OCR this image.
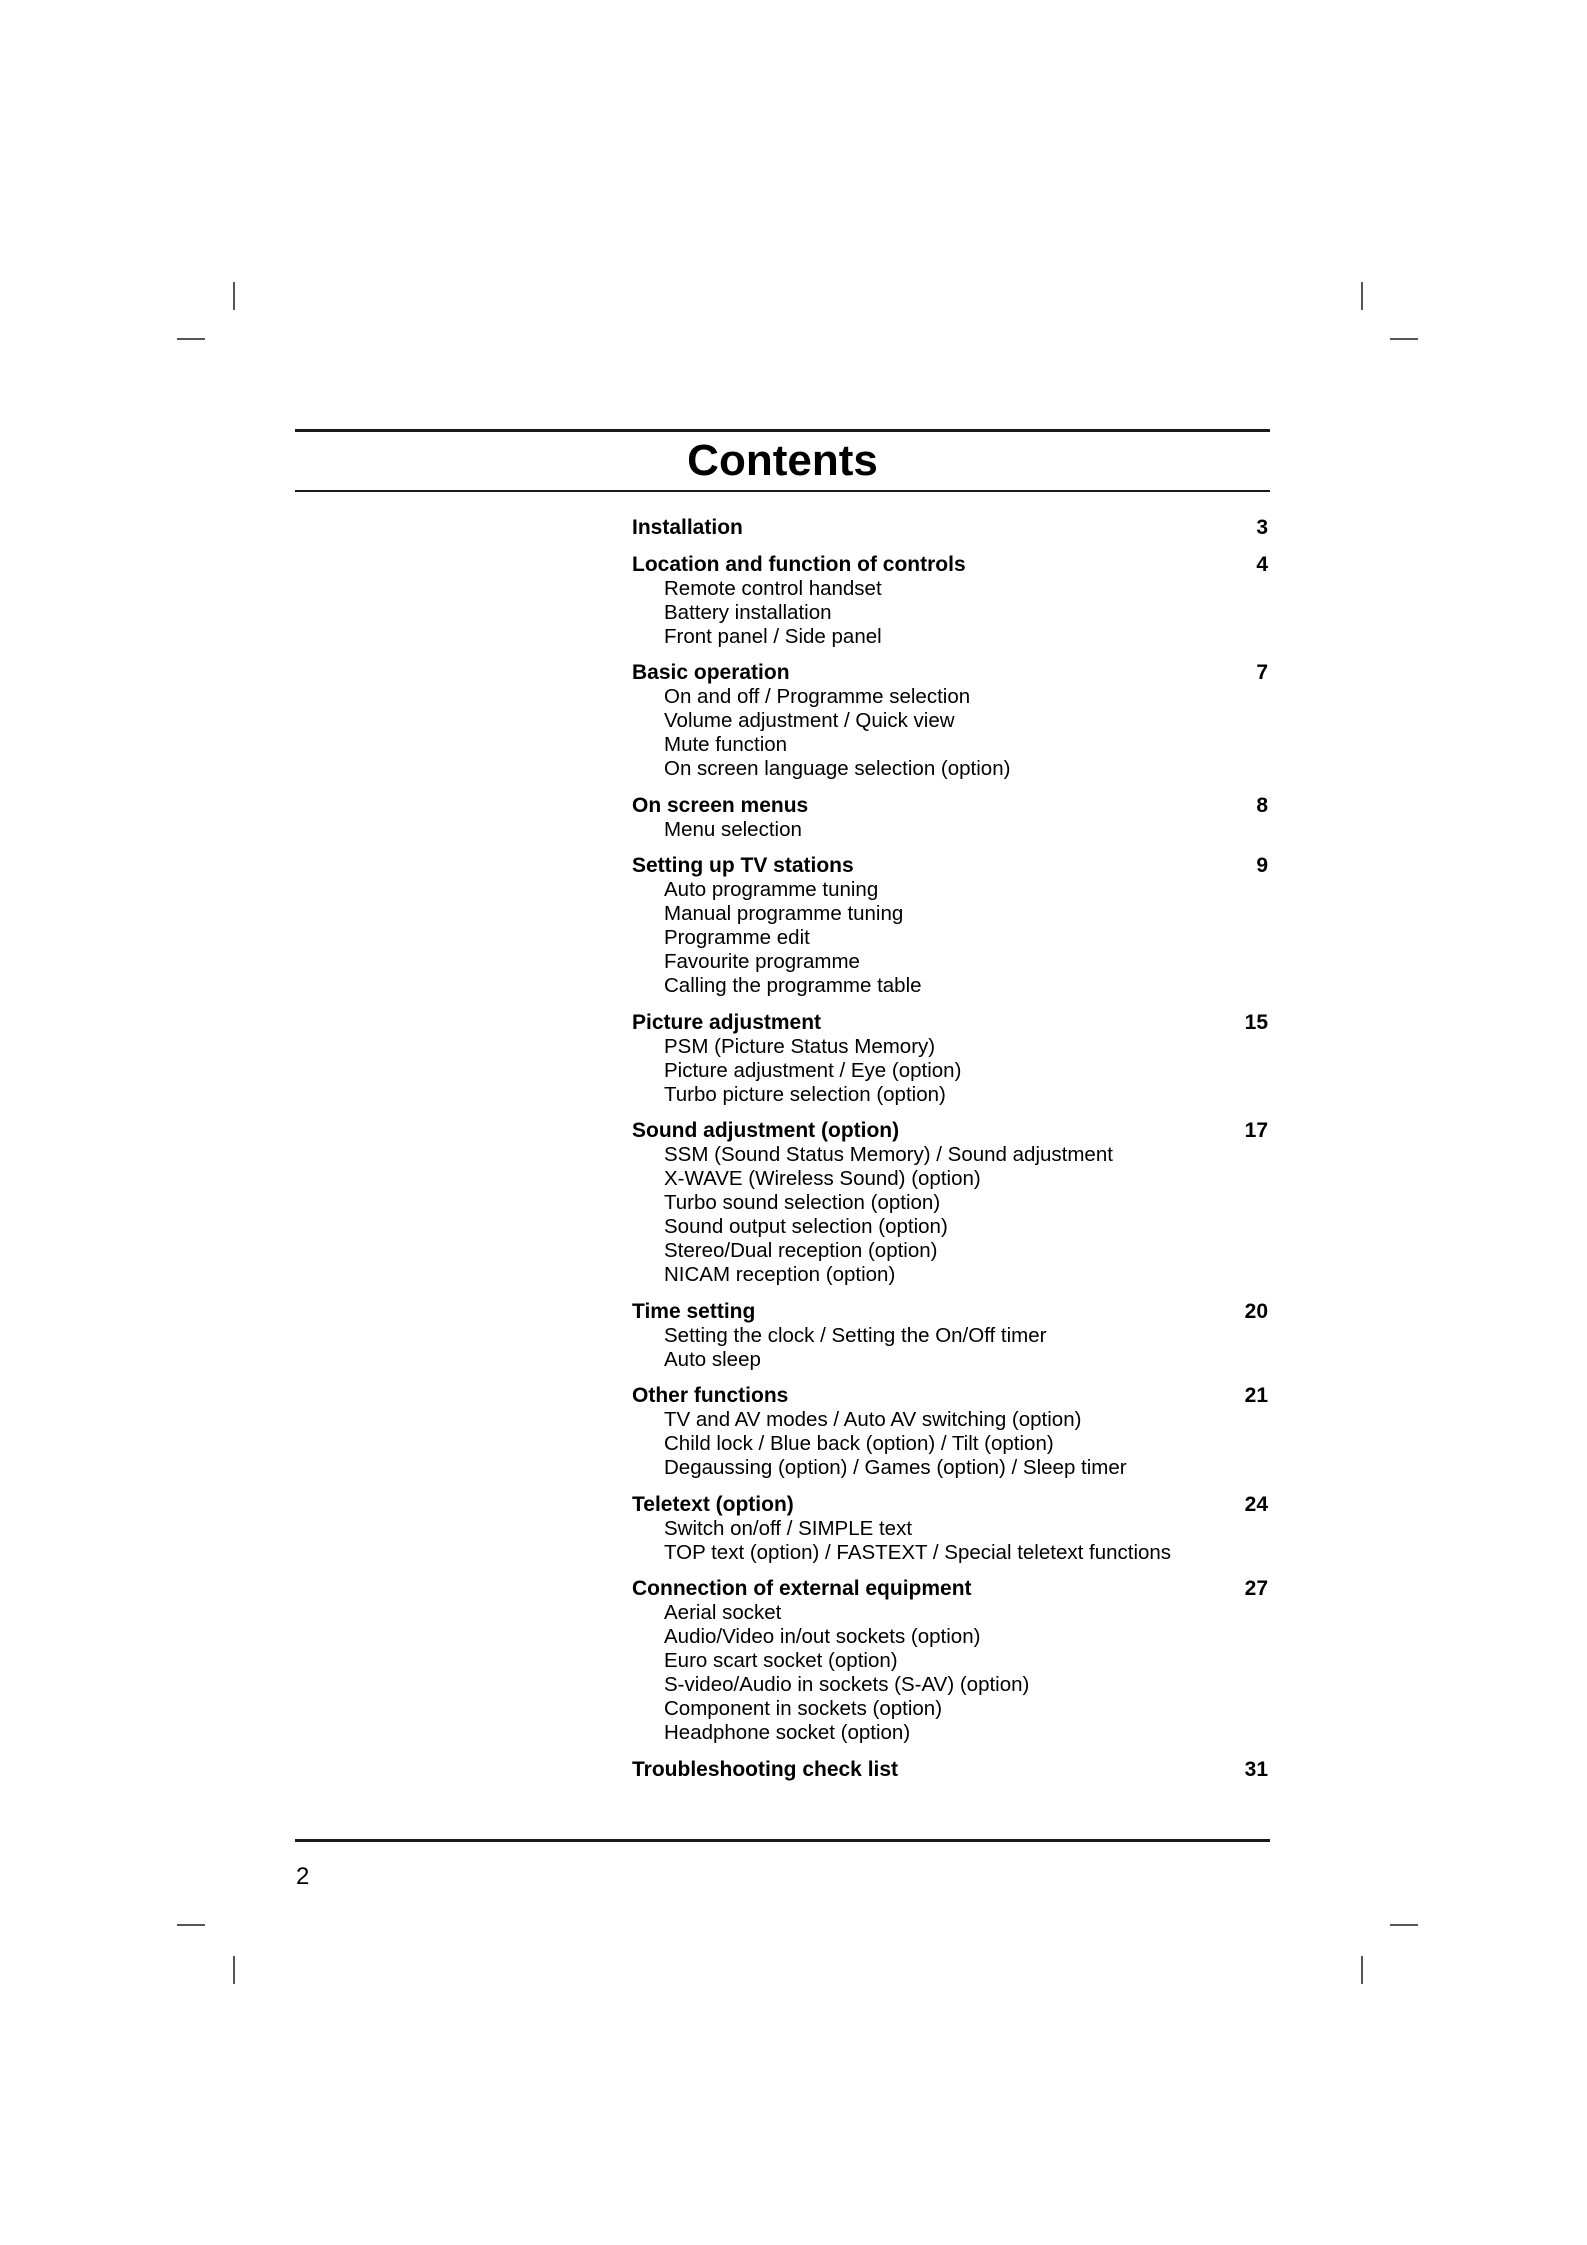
Contents
Installation	3
Location and function of controls	4
Remote control handset
Battery installation
Front panel / Side panel
Basic operation	7
On and off / Programme selection
Volume adjustment / Quick view
Mute function
On screen language selection (option)
On screen menus	8
Menu selection
Setting up TV stations	9
Auto programme tuning
Manual programme tuning
Programme edit
Favourite programme
Calling the programme table
Picture adjustment	15
PSM (Picture Status Memory)
Picture adjustment / Eye (option)
Turbo picture selection (option)
Sound adjustment (option)	17
SSM (Sound Status Memory) / Sound adjustment
X-WAVE (Wireless Sound) (option)
Turbo sound selection (option)
Sound output selection (option)
Stereo/Dual reception (option)
NICAM reception (option)
Time setting	20
Setting the clock / Setting the On/Off timer
Auto sleep
Other functions	21
TV and AV modes / Auto AV switching (option)
Child lock / Blue back (option) / Tilt (option)
Degaussing (option) / Games (option) / Sleep timer
Teletext (option)	24
Switch on/off / SIMPLE text
TOP text (option) / FASTEXT / Special teletext functions
Connection of external equipment	27
Aerial socket
Audio/Video in/out sockets (option)
Euro scart socket (option)
S-video/Audio in sockets (S-AV) (option)
Component in sockets (option)
Headphone socket (option)
Troubleshooting check list	31
2
